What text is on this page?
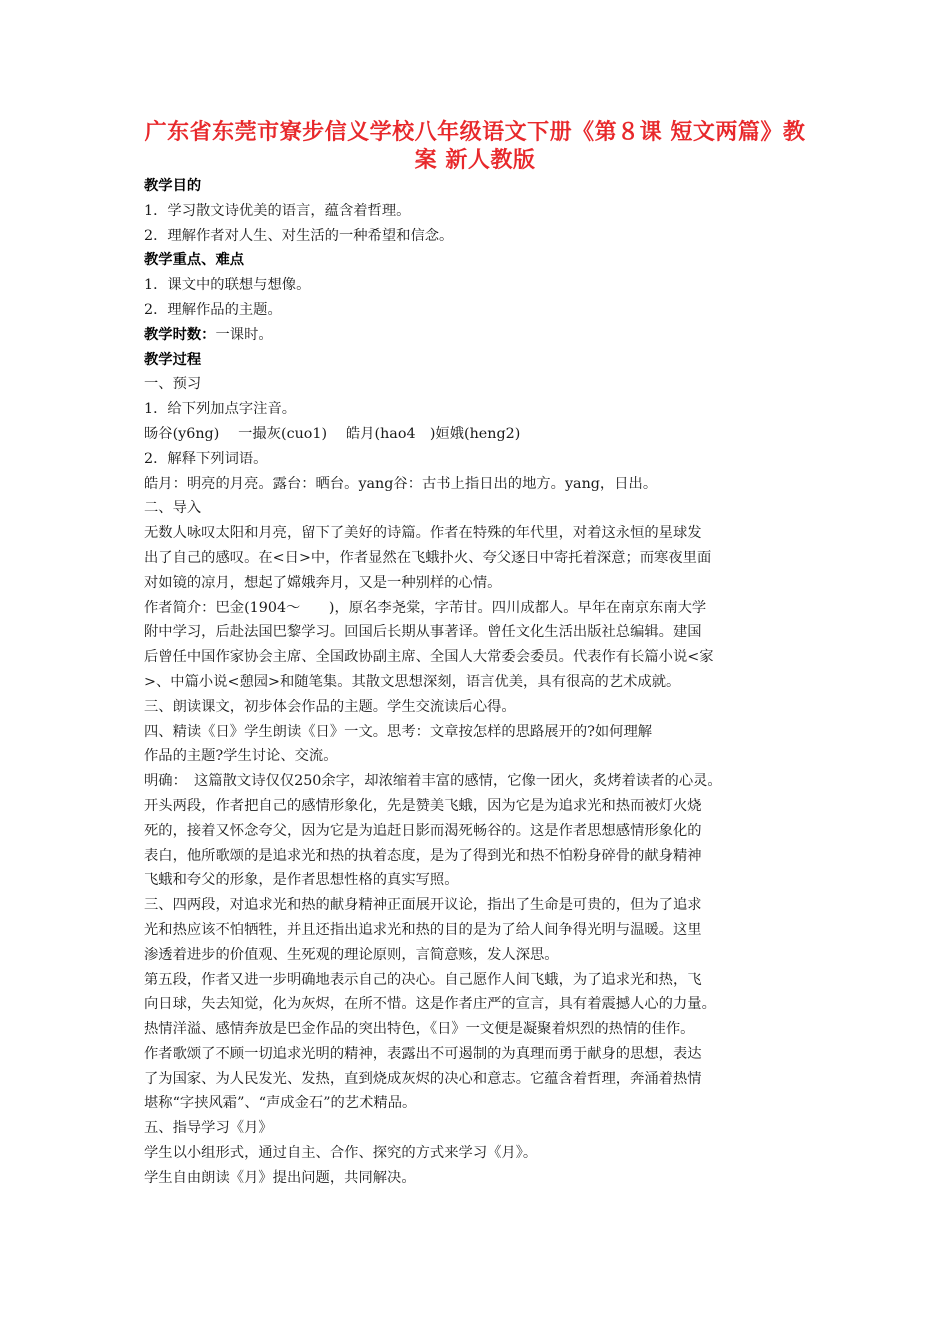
广东省东莞市寮步信义学校八年级语文下册《第８课 短文两篇》教
案 新人教版
教学目的
1．学习散文诗优美的语言，蕴含着哲理。
2．理解作者对人生、对生活的一种希望和信念。
教学重点、难点
1．课文中的联想与想像。
2．理解作品的主题。
教学时数：一课时。
教学过程
一、预习
1．给下列加点字注音。
旸谷(y6ng)　 一撮灰(cuo1)　 皓月(hao4　)姮娥(heng2)
2．解释下列词语。
皓月：明亮的月亮。露台：晒台。yang谷：古书上指日出的地方。yang，日出。
二、导入
无数人咏叹太阳和月亮，留下了美好的诗篇。作者在特殊的年代里，对着这永恒的星球发
出了自己的感叹。在<日>中，作者显然在飞蛾扑火、夸父逐日中寄托着深意；而寒夜里面
对如镜的凉月，想起了嫦娥奔月，又是一种别样的心情。
作者简介：巴金(1904～　　)，原名李尧棠，字芾甘。四川成都人。早年在南京东南大学
附中学习，后赴法国巴黎学习。回国后长期从事著译。曾任文化生活出版社总编辑。建国
后曾任中国作家协会主席、全国政协副主席、全国人大常委会委员。代表作有长篇小说<家
>、中篇小说<憩园>和随笔集。其散文思想深刻，语言优美，具有很高的艺术成就。
三、朗读课文，初步体会作品的主题。学生交流读后心得。
四、精读《日》学生朗读《日》一文。思考：文章按怎样的思路展开的?如何理解
作品的主题?学生讨论、交流。
明确：　这篇散文诗仅仅250余字，却浓缩着丰富的感情，它像一团火，炙烤着读者的心灵。
开头两段，作者把自己的感情形象化，先是赞美飞蛾，因为它是为追求光和热而被灯火烧
死的，接着又怀念夸父，因为它是为追赶日影而渴死畅谷的。这是作者思想感情形象化的
表白，他所歌颂的是追求光和热的执着态度，是为了得到光和热不怕粉身碎骨的献身精神
飞蛾和夸父的形象，是作者思想性格的真实写照。
三、四两段，对追求光和热的献身精神正面展开议论，指出了生命是可贵的，但为了追求
光和热应该不怕牺牲，并且还指出追求光和热的目的是为了给人间争得光明与温暖。这里
渗透着进步的价值观、生死观的理论原则，言简意赅，发人深思。
第五段，作者又进一步明确地表示自己的决心。自己愿作人间飞蛾，为了追求光和热，飞
向日球，失去知觉，化为灰烬，在所不惜。这是作者庄严的宣言，具有着震撼人心的力量。
热情洋溢、感情奔放是巴金作品的突出特色，《日》一文便是凝聚着炽烈的热情的佳作。
作者歌颂了不顾一切追求光明的精神，表露出不可遏制的为真理而勇于献身的思想，表达
了为国家、为人民发光、发热，直到烧成灰烬的决心和意志。它蕴含着哲理，奔涌着热情
堪称“字挟风霜”、“声成金石”的艺术精品。
五、指导学习《月》
学生以小组形式，通过自主、合作、探究的方式来学习《月》。
学生自由朗读《月》提出问题，共同解决。
